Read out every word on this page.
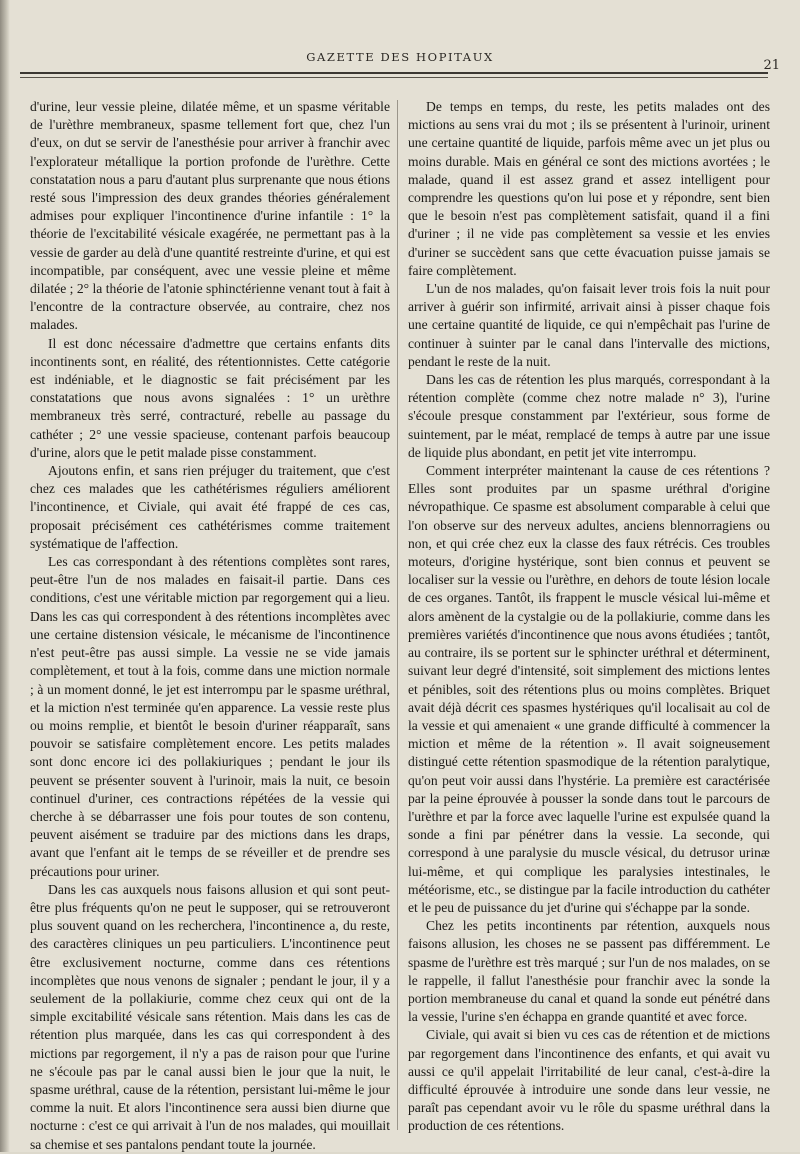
GAZETTE DES HOPITAUX
21

d'urine, leur vessie pleine, dilatée même, et un spasme véritable de l'urèthre membraneux, spasme tellement fort que, chez l'un d'eux, on dut se servir de l'anesthésie pour arriver à franchir avec l'explorateur métallique la portion profonde de l'urèthre. Cette constatation nous a paru d'autant plus surprenante que nous étions resté sous l'impression des deux grandes théories généralement admises pour expliquer l'incontinence d'urine infantile : 1° la théorie de l'excitabilité vésicale exagérée, ne permettant pas à la vessie de garder au delà d'une quantité restreinte d'urine, et qui est incompatible, par conséquent, avec une vessie pleine et même dilatée ; 2° la théorie de l'atonie sphinctérienne venant tout à fait à l'encontre de la contracture observée, au contraire, chez nos malades.

Il est donc nécessaire d'admettre que certains enfants dits incontinents sont, en réalité, des rétentionnistes. Cette catégorie est indéniable, et le diagnostic se fait précisément par les constatations que nous avons signalées : 1° un urèthre membraneux très serré, contracturé, rebelle au passage du cathéter ; 2° une vessie spacieuse, contenant parfois beaucoup d'urine, alors que le petit malade pisse constamment.

Ajoutons enfin, et sans rien préjuger du traitement, que c'est chez ces malades que les cathétérismes réguliers améliorent l'incontinence, et Civiale, qui avait été frappé de ces cas, proposait précisément ces cathétérismes comme traitement systématique de l'affection.

Les cas correspondant à des rétentions complètes sont rares, peut-être l'un de nos malades en faisait-il partie. Dans ces conditions, c'est une véritable miction par regorgement qui a lieu. Dans les cas qui correspondent à des rétentions incomplètes avec une certaine distension vésicale, le mécanisme de l'incontinence n'est peut-être pas aussi simple. La vessie ne se vide jamais complètement, et tout à la fois, comme dans une miction normale ; à un moment donné, le jet est interrompu par le spasme uréthral, et la miction n'est terminée qu'en apparence. La vessie reste plus ou moins remplie, et bientôt le besoin d'uriner réapparaît, sans pouvoir se satisfaire complètement encore. Les petits malades sont donc encore ici des pollakiuriques ; pendant le jour ils peuvent se présenter souvent à l'urinoir, mais la nuit, ce besoin continuel d'uriner, ces contractions répétées de la vessie qui cherche à se débarrasser une fois pour toutes de son contenu, peuvent aisément se traduire par des mictions dans les draps, avant que l'enfant ait le temps de se réveiller et de prendre ses précautions pour uriner.

Dans les cas auxquels nous faisons allusion et qui sont peut-être plus fréquents qu'on ne peut le supposer, qui se retrouveront plus souvent quand on les recherchera, l'incontinence a, du reste, des caractères cliniques un peu particuliers. L'incontinence peut être exclusivement nocturne, comme dans ces rétentions incomplètes que nous venons de signaler ; pendant le jour, il y a seulement de la pollakiurie, comme chez ceux qui ont de la simple excitabilité vésicale sans rétention. Mais dans les cas de rétention plus marquée, dans les cas qui correspondent à des mictions par regorgement, il n'y a pas de raison pour que l'urine ne s'écoule pas par le canal aussi bien le jour que la nuit, le spasme uréthral, cause de la rétention, persistant lui-même le jour comme la nuit. Et alors l'incontinence sera aussi bien diurne que nocturne : c'est ce qui arrivait à l'un de nos malades, qui mouillait sa chemise et ses pantalons pendant toute la journée.

De temps en temps, du reste, les petits malades ont des mictions au sens vrai du mot ; ils se présentent à l'urinoir, urinent une certaine quantité de liquide, parfois même avec un jet plus ou moins durable. Mais en général ce sont des mictions avortées ; le malade, quand il est assez grand et assez intelligent pour comprendre les questions qu'on lui pose et y répondre, sent bien que le besoin n'est pas complètement satisfait, quand il a fini d'uriner ; il ne vide pas complètement sa vessie et les envies d'uriner se succèdent sans que cette évacuation puisse jamais se faire complètement.

L'un de nos malades, qu'on faisait lever trois fois la nuit pour arriver à guérir son infirmité, arrivait ainsi à pisser chaque fois une certaine quantité de liquide, ce qui n'empêchait pas l'urine de continuer à suinter par le canal dans l'intervalle des mictions, pendant le reste de la nuit.

Dans les cas de rétention les plus marqués, correspondant à la rétention complète (comme chez notre malade n° 3), l'urine s'écoule presque constamment par l'extérieur, sous forme de suintement, par le méat, remplacé de temps à autre par une issue de liquide plus abondant, en petit jet vite interrompu.

Comment interpréter maintenant la cause de ces rétentions ? Elles sont produites par un spasme uréthral d'origine névropathique. Ce spasme est absolument comparable à celui que l'on observe sur des nerveux adultes, anciens blennorragiens ou non, et qui crée chez eux la classe des faux rétrécis. Ces troubles moteurs, d'origine hystérique, sont bien connus et peuvent se localiser sur la vessie ou l'urèthre, en dehors de toute lésion locale de ces organes. Tantôt, ils frappent le muscle vésical lui-même et alors amènent de la cystalgie ou de la pollakiurie, comme dans les premières variétés d'incontinence que nous avons étudiées ; tantôt, au contraire, ils se portent sur le sphincter uréthral et déterminent, suivant leur degré d'intensité, soit simplement des mictions lentes et pénibles, soit des rétentions plus ou moins complètes. Briquet avait déjà décrit ces spasmes hystériques qu'il localisait au col de la vessie et qui amenaient « une grande difficulté à commencer la miction et même de la rétention ». Il avait soigneusement distingué cette rétention spasmodique de la rétention paralytique, qu'on peut voir aussi dans l'hystérie. La première est caractérisée par la peine éprouvée à pousser la sonde dans tout le parcours de l'urèthre et par la force avec laquelle l'urine est expulsée quand la sonde a fini par pénétrer dans la vessie. La seconde, qui correspond à une paralysie du muscle vésical, du detrusor urinæ lui-même, et qui complique les paralysies intestinales, le météorisme, etc., se distingue par la facile introduction du cathéter et le peu de puissance du jet d'urine qui s'échappe par la sonde.

Chez les petits incontinents par rétention, auxquels nous faisons allusion, les choses ne se passent pas différemment. Le spasme de l'urèthre est très marqué ; sur l'un de nos malades, on se le rappelle, il fallut l'anesthésie pour franchir avec la sonde la portion membraneuse du canal et quand la sonde eut pénétré dans la vessie, l'urine s'en échappa en grande quantité et avec force.

Civiale, qui avait si bien vu ces cas de rétention et de mictions par regorgement dans l'incontinence des enfants, et qui avait vu aussi ce qu'il appelait l'irritabilité de leur canal, c'est-à-dire la difficulté éprouvée à introduire une sonde dans leur vessie, ne paraît pas cependant avoir vu le rôle du spasme uréthral dans la production de ces rétentions.
